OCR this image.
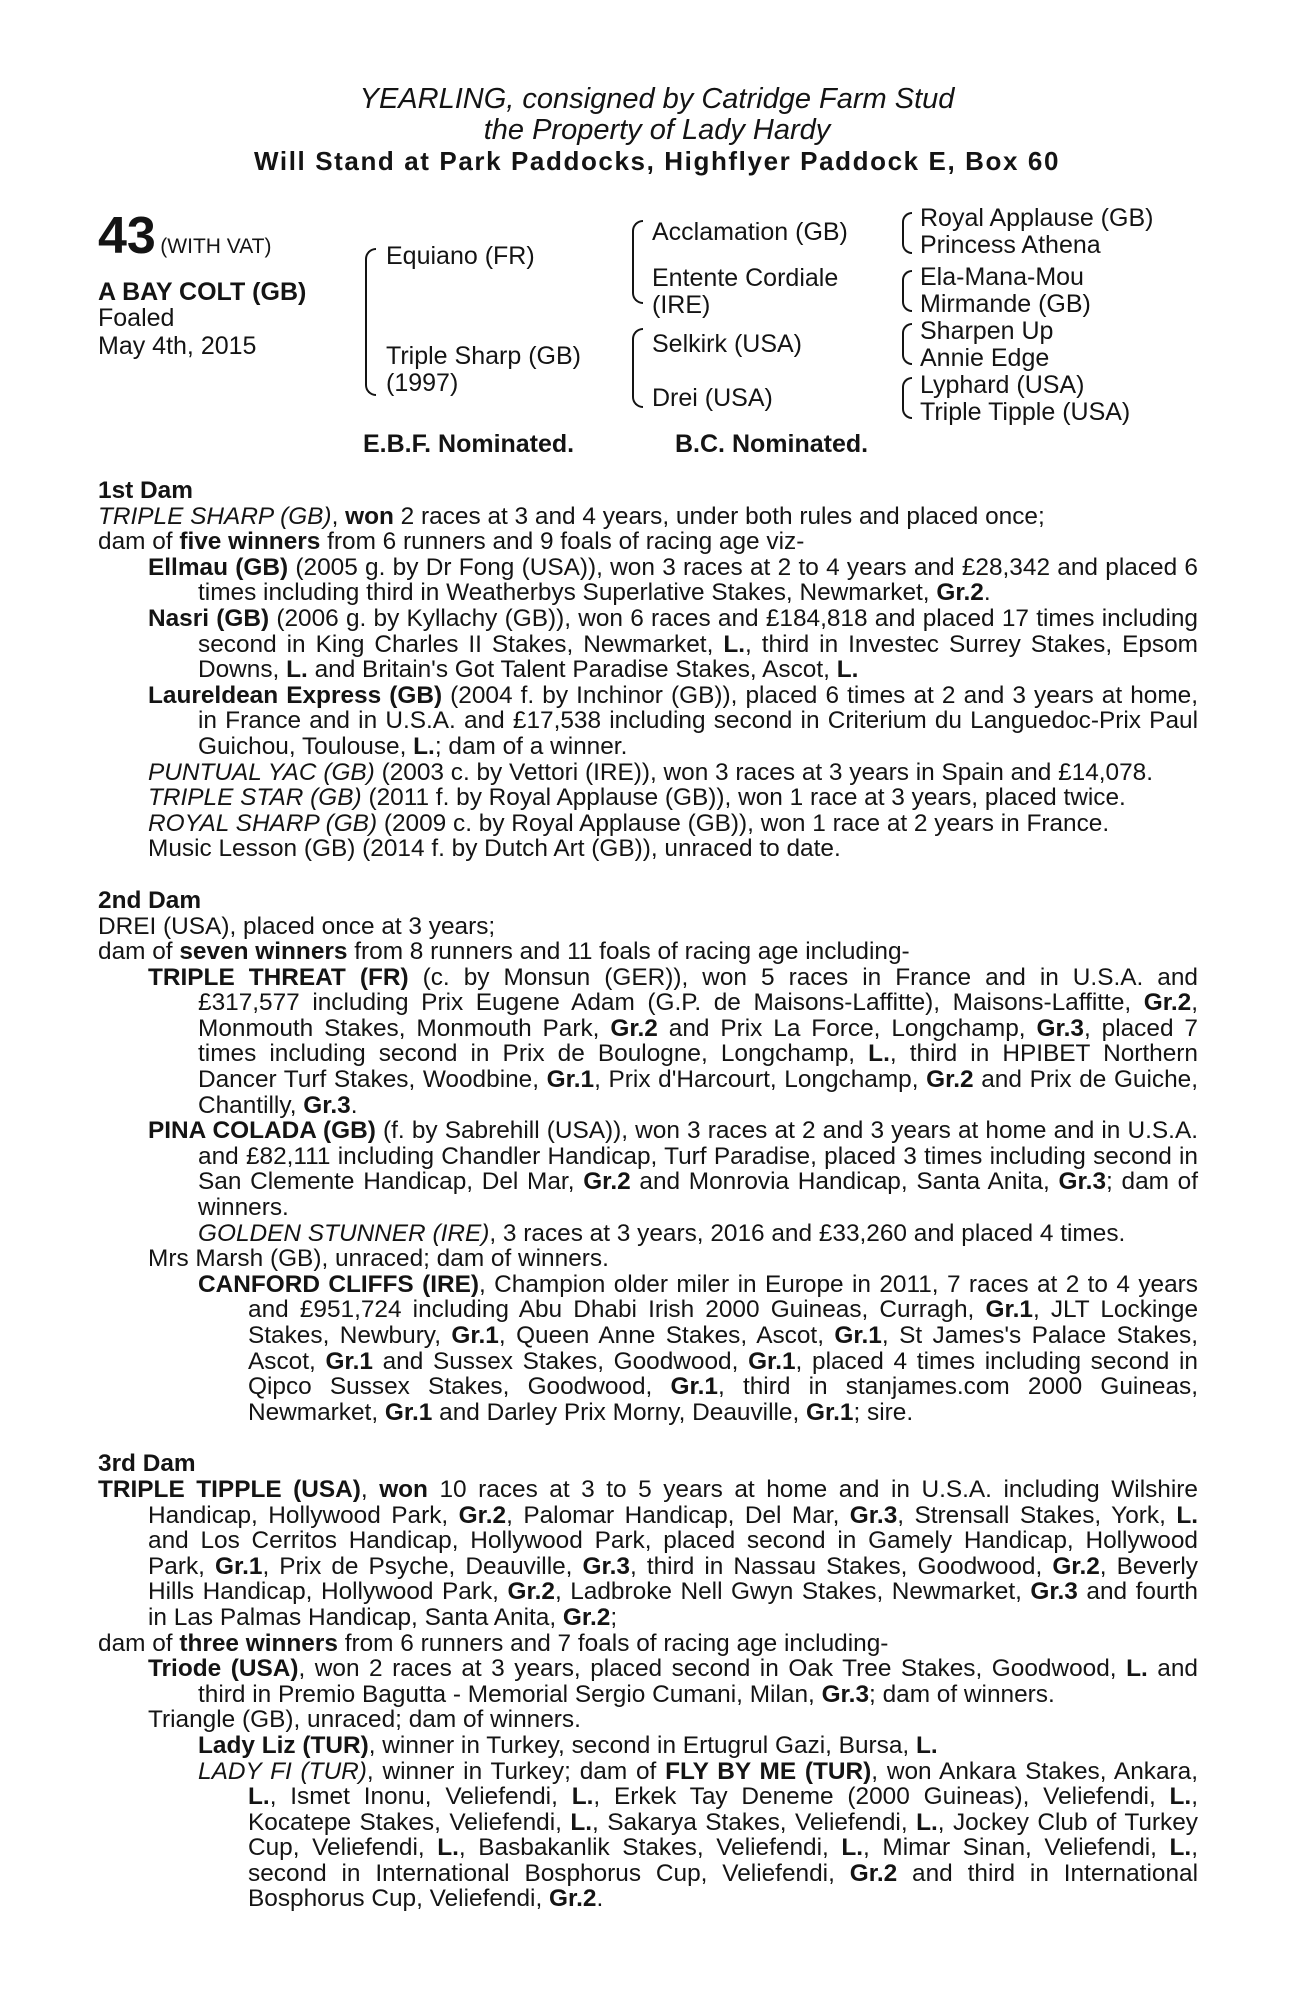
YEARLING, consigned by Catridge Farm Stud
the Property of Lady Hardy
Will Stand at Park Paddocks, Highflyer Paddock E, Box 60
43 (WITH VAT)
A BAY COLT (GB)
Foaled
May 4th, 2015
Equiano (FR)
Triple Sharp (GB)
(1997)
Acclamation (GB)
Entente Cordiale
(IRE)
Selkirk (USA)
Drei (USA)
Royal Applause (GB)
Princess Athena
Ela-Mana-Mou
Mirmande (GB)
Sharpen Up
Annie Edge
Lyphard (USA)
Triple Tipple (USA)
E.B.F. Nominated.	B.C. Nominated.

1st Dam

TRIPLE SHARP (GB), won 2 races at 3 and 4 years, under both rules and placed once;

dam of five winners from 6 runners and 9 foals of racing age viz-

Ellmau (GB) (2005 g. by Dr Fong (USA)), won 3 races at 2 to 4 years and £28,342 and placed 6 times including third in Weatherbys Superlative Stakes, Newmarket, Gr.2.

Nasri (GB) (2006 g. by Kyllachy (GB)), won 6 races and £184,818 and placed 17 times including second in King Charles II Stakes, Newmarket, L., third in Investec Surrey Stakes, Epsom Downs, L. and Britain's Got Talent Paradise Stakes, Ascot, L.

Laureldean Express (GB) (2004 f. by Inchinor (GB)), placed 6 times at 2 and 3 years at home, in France and in U.S.A. and £17,538 including second in Criterium du Languedoc-Prix Paul Guichou, Toulouse, L.; dam of a winner.

PUNTUAL YAC (GB) (2003 c. by Vettori (IRE)), won 3 races at 3 years in Spain and £14,078.

TRIPLE STAR (GB) (2011 f. by Royal Applause (GB)), won 1 race at 3 years, placed twice.

ROYAL SHARP (GB) (2009 c. by Royal Applause (GB)), won 1 race at 2 years in France.

Music Lesson (GB) (2014 f. by Dutch Art (GB)), unraced to date.

2nd Dam

DREI (USA), placed once at 3 years;

dam of seven winners from 8 runners and 11 foals of racing age including-

TRIPLE THREAT (FR) (c. by Monsun (GER)), won 5 races in France and in U.S.A. and £317,577 including Prix Eugene Adam (G.P. de Maisons-Laffitte), Maisons-Laffitte, Gr.2, Monmouth Stakes, Monmouth Park, Gr.2 and Prix La Force, Longchamp, Gr.3, placed 7 times including second in Prix de Boulogne, Longchamp, L., third in HPIBET Northern Dancer Turf Stakes, Woodbine, Gr.1, Prix d'Harcourt, Longchamp, Gr.2 and Prix de Guiche, Chantilly, Gr.3.

PINA COLADA (GB) (f. by Sabrehill (USA)), won 3 races at 2 and 3 years at home and in U.S.A. and £82,111 including Chandler Handicap, Turf Paradise, placed 3 times including second in San Clemente Handicap, Del Mar, Gr.2 and Monrovia Handicap, Santa Anita, Gr.3; dam of winners.

GOLDEN STUNNER (IRE), 3 races at 3 years, 2016 and £33,260 and placed 4 times.

Mrs Marsh (GB), unraced; dam of winners.

CANFORD CLIFFS (IRE), Champion older miler in Europe in 2011, 7 races at 2 to 4 years and £951,724 including Abu Dhabi Irish 2000 Guineas, Curragh, Gr.1, JLT Lockinge Stakes, Newbury, Gr.1, Queen Anne Stakes, Ascot, Gr.1, St James's Palace Stakes, Ascot, Gr.1 and Sussex Stakes, Goodwood, Gr.1, placed 4 times including second in Qipco Sussex Stakes, Goodwood, Gr.1, third in stanjames.com 2000 Guineas, Newmarket, Gr.1 and Darley Prix Morny, Deauville, Gr.1; sire.

3rd Dam

TRIPLE TIPPLE (USA), won 10 races at 3 to 5 years at home and in U.S.A. including Wilshire Handicap, Hollywood Park, Gr.2, Palomar Handicap, Del Mar, Gr.3, Strensall Stakes, York, L. and Los Cerritos Handicap, Hollywood Park, placed second in Gamely Handicap, Hollywood Park, Gr.1, Prix de Psyche, Deauville, Gr.3, third in Nassau Stakes, Goodwood, Gr.2, Beverly Hills Handicap, Hollywood Park, Gr.2, Ladbroke Nell Gwyn Stakes, Newmarket, Gr.3 and fourth in Las Palmas Handicap, Santa Anita, Gr.2;

dam of three winners from 6 runners and 7 foals of racing age including-

Triode (USA), won 2 races at 3 years, placed second in Oak Tree Stakes, Goodwood, L. and third in Premio Bagutta - Memorial Sergio Cumani, Milan, Gr.3; dam of winners.

Triangle (GB), unraced; dam of winners.

Lady Liz (TUR), winner in Turkey, second in Ertugrul Gazi, Bursa, L.

LADY FI (TUR), winner in Turkey; dam of FLY BY ME (TUR), won Ankara Stakes, Ankara, L., Ismet Inonu, Veliefendi, L., Erkek Tay Deneme (2000 Guineas), Veliefendi, L., Kocatepe Stakes, Veliefendi, L., Sakarya Stakes, Veliefendi, L., Jockey Club of Turkey Cup, Veliefendi, L., Basbakanlik Stakes, Veliefendi, L., Mimar Sinan, Veliefendi, L., second in International Bosphorus Cup, Veliefendi, Gr.2 and third in International Bosphorus Cup, Veliefendi, Gr.2.
